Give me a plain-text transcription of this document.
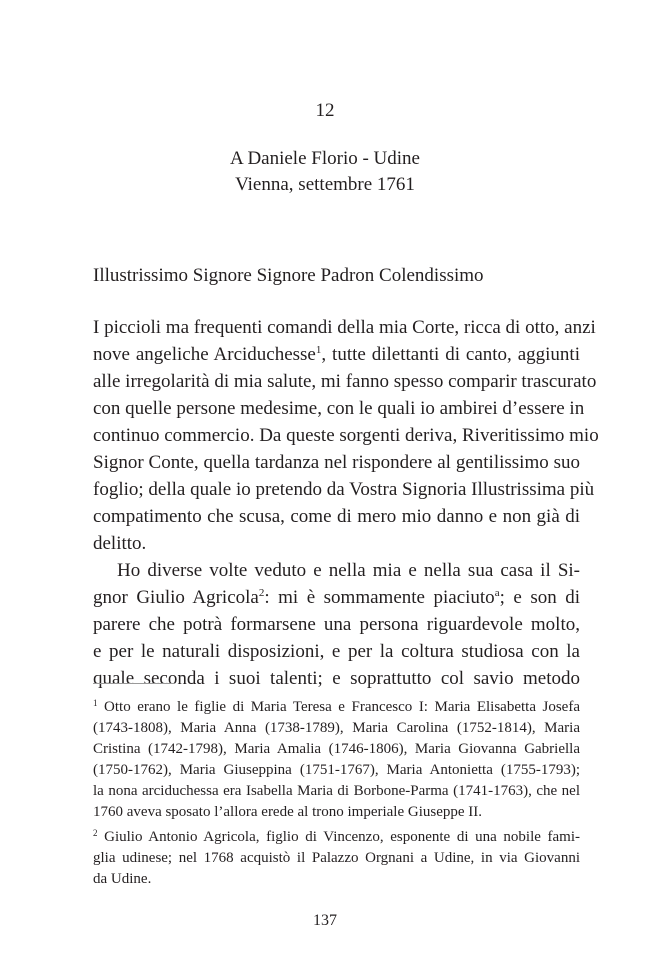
12
A Daniele Florio - Udine
Vienna, settembre 1761
Illustrissimo Signore Signore Padron Colendissimo
I piccioli ma frequenti comandi della mia Corte, ricca di otto, anzi
nove angeliche Arciduchesse$^1$, tutte dilettanti di canto, aggiunti
alle irregolarità di mia salute, mi fanno spesso comparir trascurato
con quelle persone medesime, con le quali io ambirei d’essere in
continuo commercio. Da queste sorgenti deriva, Riveritissimo mio
Signor Conte, quella tardanza nel rispondere al gentilissimo suo
foglio; della quale io pretendo da Vostra Signoria Illustrissima più
compatimento che scusa, come di mero mio danno e non già di
delitto.
Ho diverse volte veduto e nella mia e nella sua casa il Si-
gnor Giulio Agricola$^2$: mi è sommamente piaciuto$^a$; e son di
parere che potrà formarsene una persona riguardevole molto,
e per le naturali disposizioni, e per la coltura studiosa con la
quale seconda i suoi talenti; e soprattutto col savio metodo
$^1$ Otto erano le figlie di Maria Teresa e Francesco I: Maria Elisabetta Josefa
(1743-1808), Maria Anna (1738-1789), Maria Carolina (1752-1814), Maria
Cristina (1742-1798), Maria Amalia (1746-1806), Maria Giovanna Gabriella
(1750-1762), Maria Giuseppina (1751-1767), Maria Antonietta (1755-1793);
la nona arciduchessa era Isabella Maria di Borbone-Parma (1741-1763), che nel
1760 aveva sposato l’allora erede al trono imperiale Giuseppe II.
$^2$ Giulio Antonio Agricola, figlio di Vincenzo, esponente di una nobile fami-
glia udinese; nel 1768 acquistò il Palazzo Orgnani a Udine, in via Giovanni
da Udine.
137
